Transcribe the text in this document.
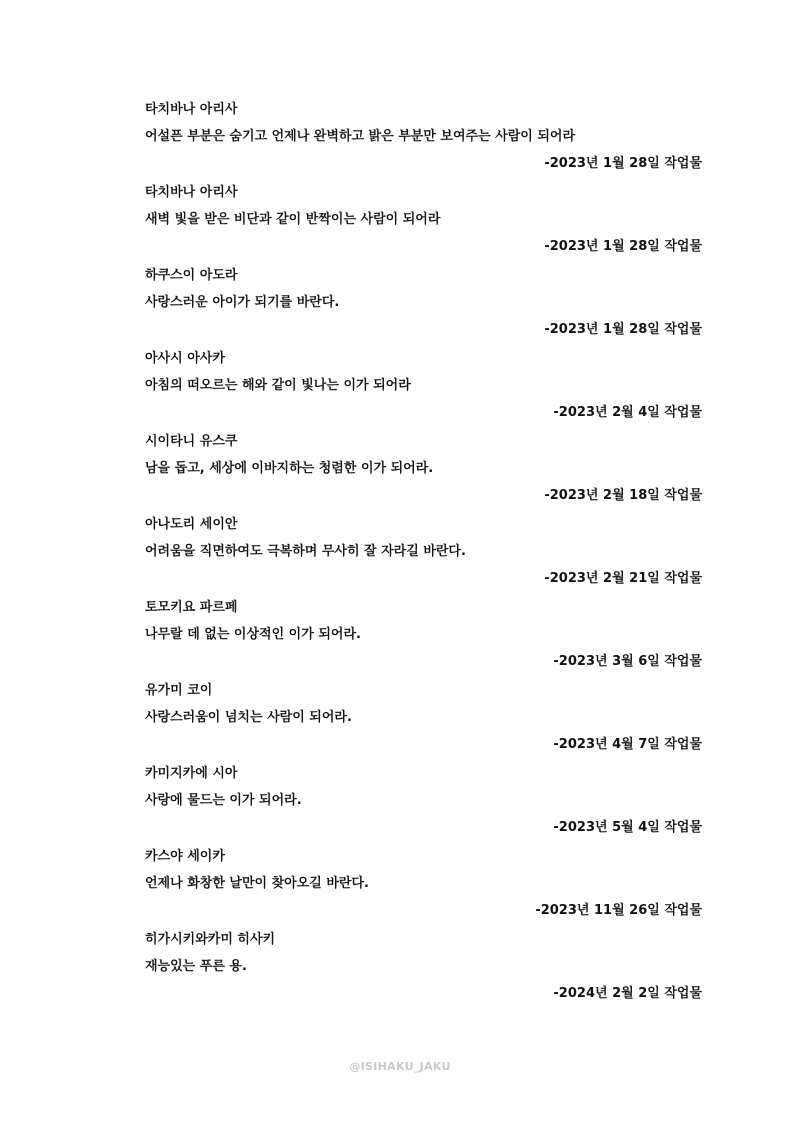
타치바나 아리사
어설픈 부분은 숨기고 언제나 완벽하고 밝은 부분만 보여주는 사람이 되어라
-2023년 1월 28일 작업물
타치바나 아리사
새벽 빛을 받은 비단과 같이 반짝이는 사람이 되어라
-2023년 1월 28일 작업물
하쿠스이 아도라
사랑스러운 아이가 되기를 바란다.
-2023년 1월 28일 작업물
아사시 아사카
아침의 떠오르는 해와 같이 빛나는 이가 되어라
-2023년 2월 4일 작업물
시이타니 유스쿠
남을 돕고, 세상에 이바지하는 청렴한 이가 되어라.
-2023년 2월 18일 작업물
아나도리 세이안
어려움을 직면하여도 극복하며 무사히 잘 자라길 바란다.
-2023년 2월 21일 작업물
토모키요 파르페
나무랄 데 없는 이상적인 이가 되어라.
-2023년 3월 6일 작업물
유가미 코이
사랑스러움이 넘치는 사람이 되어라.
-2023년 4월 7일 작업물
카미지카에 시아
사랑에 물드는 이가 되어라.
-2023년 5월 4일 작업물
카스야 세이카
언제나 화창한 날만이 찾아오길 바란다.
-2023년 11월 26일 작업물
히가시키와카미 히사키
재능있는 푸른 용.
-2024년 2월 2일 작업물
@ISIHAKU_JAKU
